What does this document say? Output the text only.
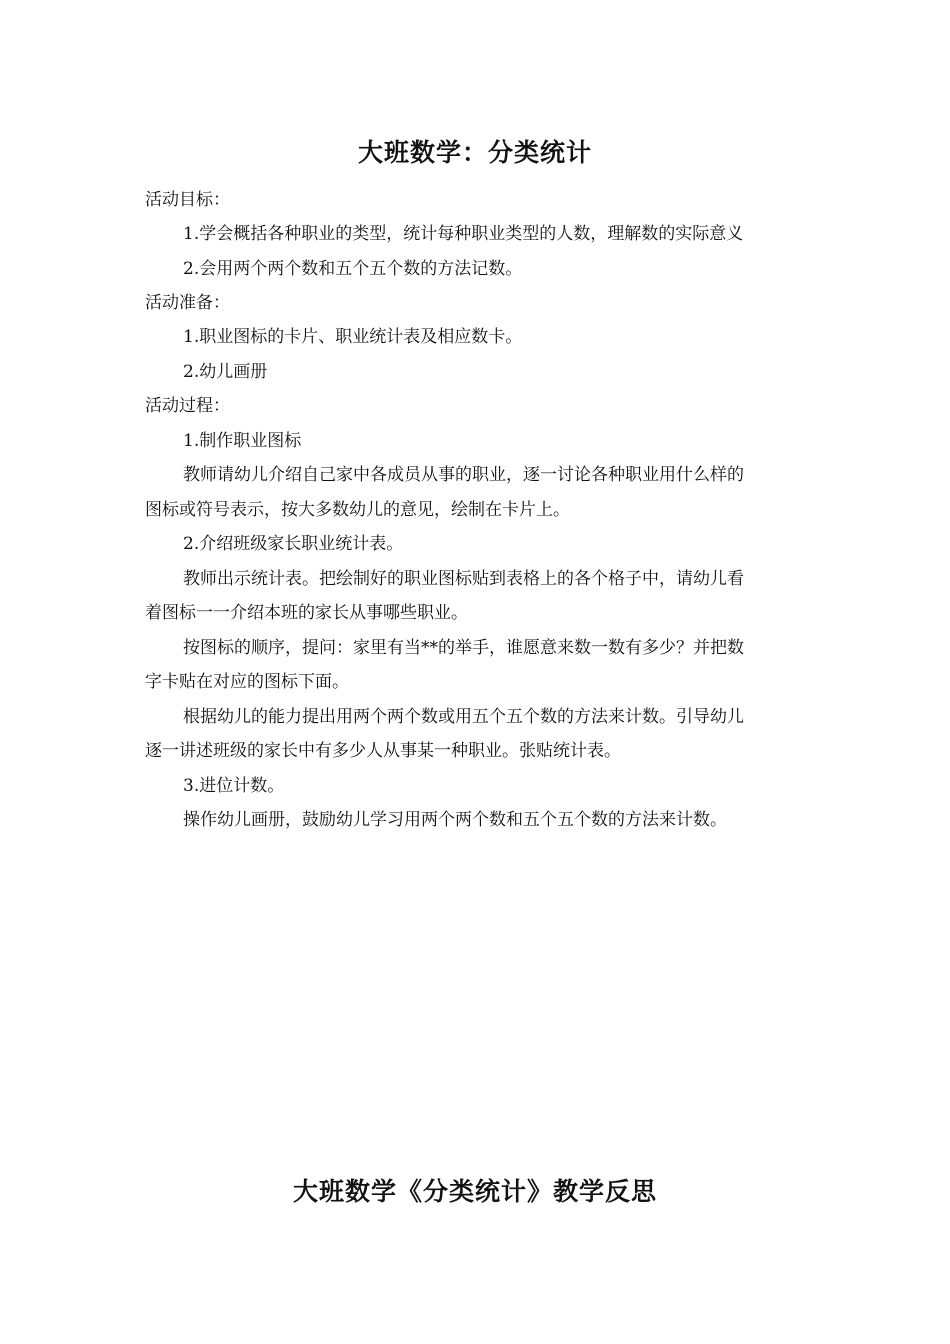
大班数学：分类统计
活动目标：
1.学会概括各种职业的类型，统计每种职业类型的人数，理解数的实际意义
2.会用两个两个数和五个五个数的方法记数。
活动准备：
1.职业图标的卡片、职业统计表及相应数卡。
2.幼儿画册
活动过程：
1.制作职业图标
教师请幼儿介绍自己家中各成员从事的职业，逐一讨论各种职业用什么样的
图标或符号表示，按大多数幼儿的意见，绘制在卡片上。
2.介绍班级家长职业统计表。
教师出示统计表。把绘制好的职业图标贴到表格上的各个格子中，请幼儿看
着图标一一介绍本班的家长从事哪些职业。
按图标的顺序，提问：家里有当**的举手，谁愿意来数一数有多少？并把数
字卡贴在对应的图标下面。
根据幼儿的能力提出用两个两个数或用五个五个数的方法来计数。引导幼儿
逐一讲述班级的家长中有多少人从事某一种职业。张贴统计表。
3.进位计数。
操作幼儿画册，鼓励幼儿学习用两个两个数和五个五个数的方法来计数。
大班数学《分类统计》教学反思
